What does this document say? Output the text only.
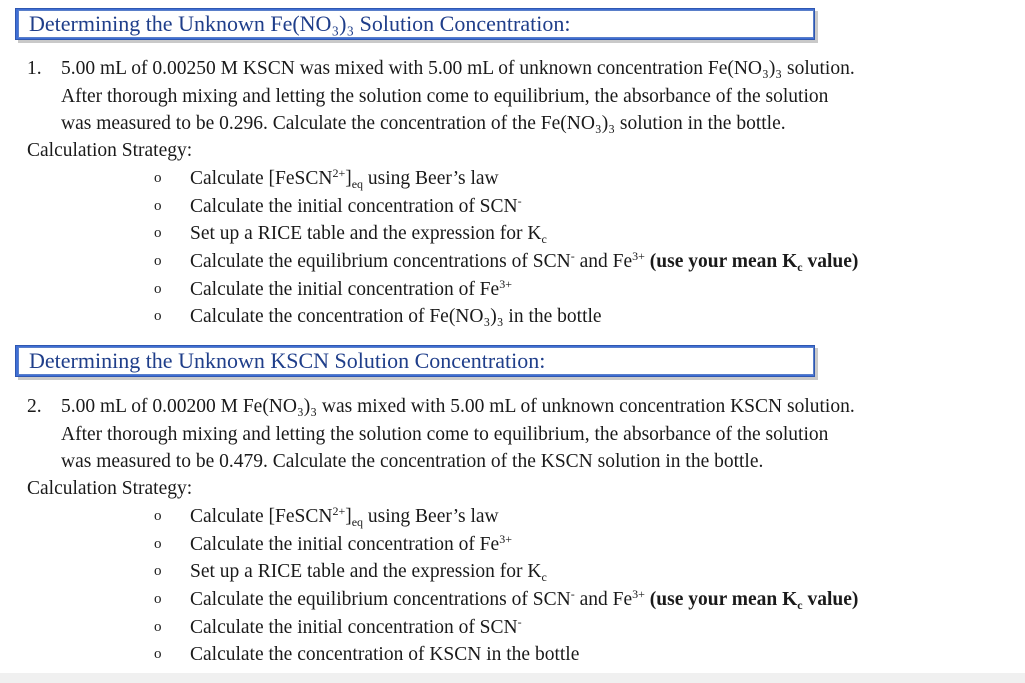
Determining the Unknown Fe(NO₃)₃ Solution Concentration:
1. 5.00 mL of 0.00250 M KSCN was mixed with 5.00 mL of unknown concentration Fe(NO₃)₃ solution.
After thorough mixing and letting the solution come to equilibrium, the absorbance of the solution
was measured to be 0.296. Calculate the concentration of the Fe(NO₃)₃ solution in the bottle.
Calculation Strategy:
o Calculate $[FeSCN^{2+}]_{eq}$ using Beer’s law
o Calculate the initial concentration of SCN-
o Set up a RICE table and the expression for $K_c$
o Calculate the equilibrium concentrations of SCN- and $Fe^{3+}$ (use your mean $K_c$ value)
o Calculate the initial concentration of $Fe^{3+}$
o Calculate the concentration of Fe(NO₃)₃ in the bottle
Determining the Unknown KSCN Solution Concentration:
2. 5.00 mL of 0.00200 M Fe(NO₃)₃ was mixed with 5.00 mL of unknown concentration KSCN solution.
After thorough mixing and letting the solution come to equilibrium, the absorbance of the solution
was measured to be 0.479. Calculate the concentration of the KSCN solution in the bottle.
Calculation Strategy:
o Calculate $[FeSCN^{2+}]_{eq}$ using Beer’s law
o Calculate the initial concentration of $Fe^{3+}$
o Set up a RICE table and the expression for $K_c$
o Calculate the equilibrium concentrations of SCN- and $Fe^{3+}$ (use your mean $K_c$ value)
o Calculate the initial concentration of SCN-
o Calculate the concentration of KSCN in the bottle
